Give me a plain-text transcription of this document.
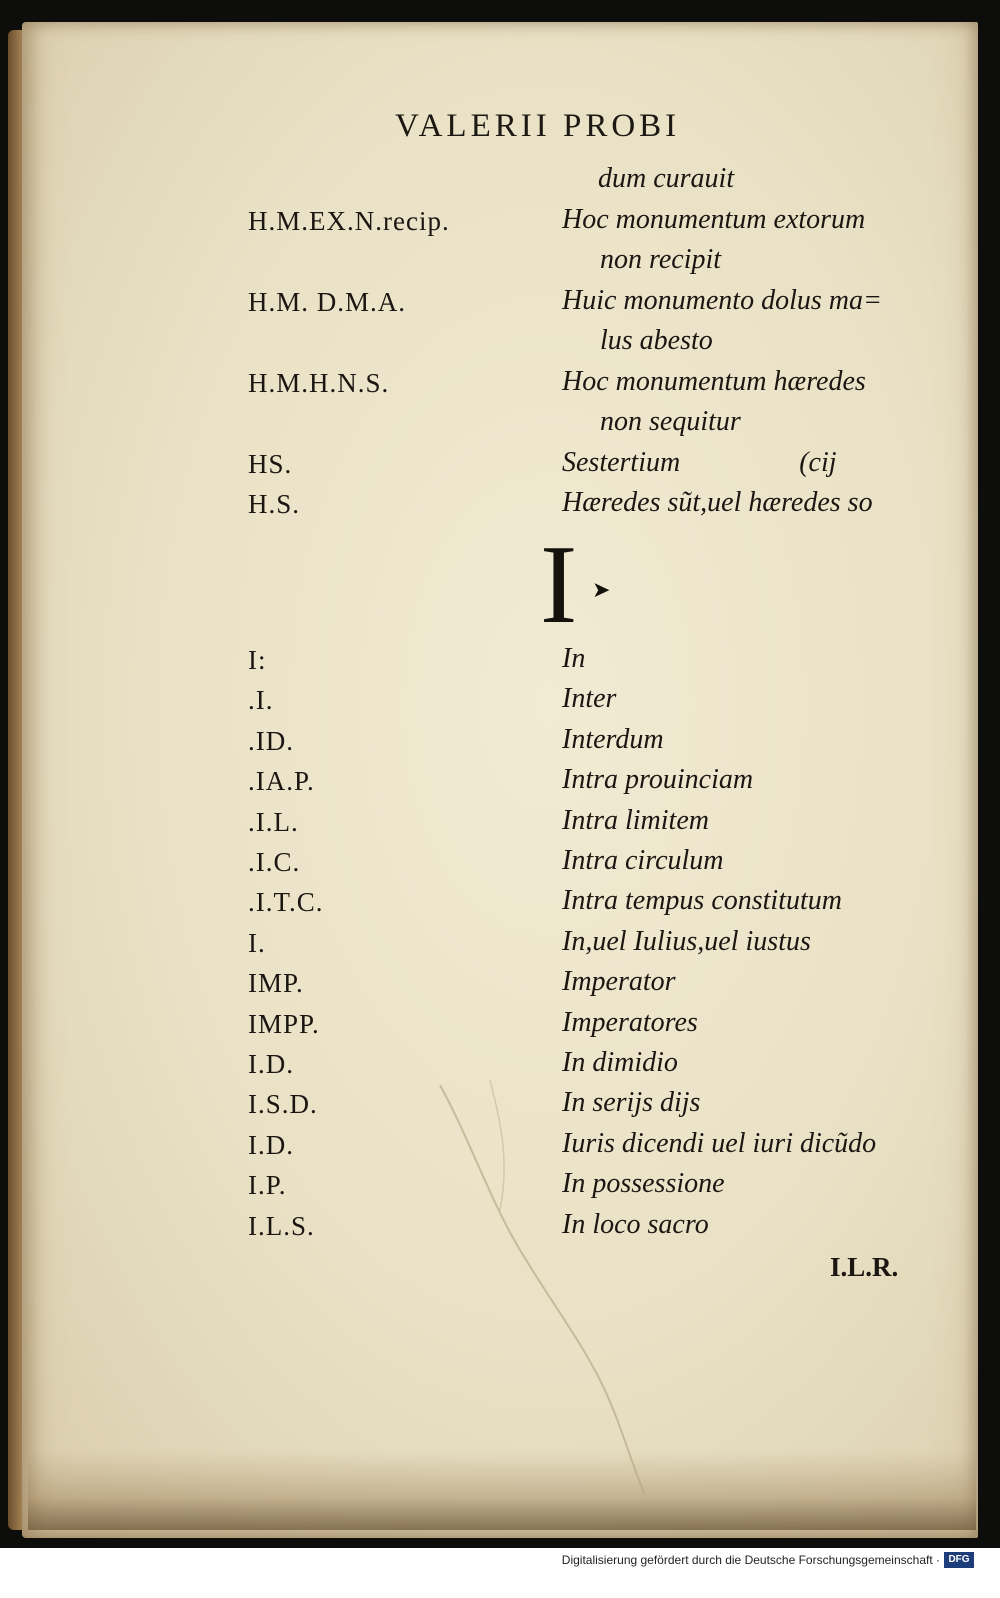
VALERII PROBI
dum curauit
H.M.EX.N.recip.	Hoc monumentum extorum
non recipit
H.M. D.M.A.	Huic monumento dolus ma=
lus abesto
H.M.H.N.S.	Hoc monumentum hæredes
non sequitur
HS.	Sestertium                 (cij
H.S.	Hæredes sũt,uel hæredes so
I ➤
I:	In
.I.	Inter
.ID.	Interdum
.IA.P.	Intra prouinciam
.I.L.	Intra limitem
.I.C.	Intra circulum
.I.T.C.	Intra tempus constitutum
I.	In,uel Iulius,uel iustus
IMP.	Imperator
IMPP.	Imperatores
I.D.	In dimidio
I.S.D.	In serijs dijs
I.D.	Iuris dicendi uel iuri dicũdo
I.P.	In possessione
I.L.S.	In loco sacro
I.L.R.
Digitalisierung gefördert durch die Deutsche Forschungsgemeinschaft · DFG
